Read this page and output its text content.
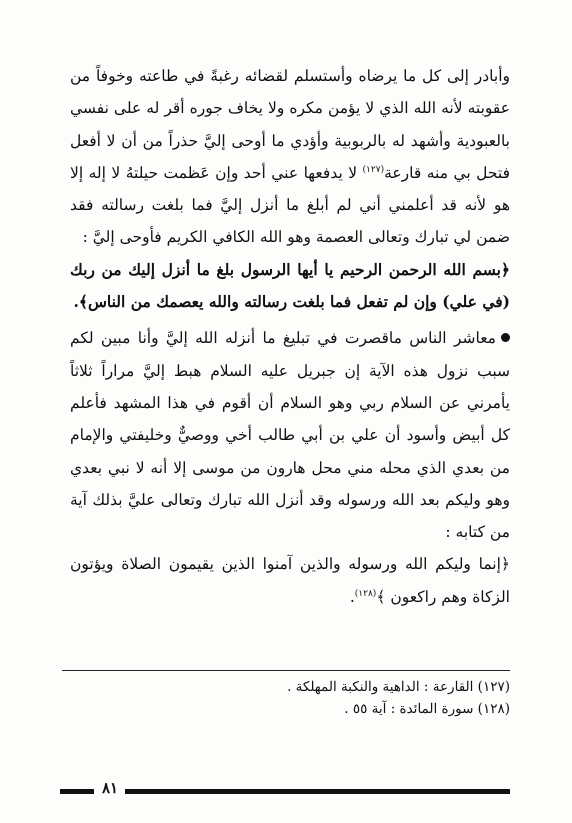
وأبادر إلى كل ما يرضاه وأستسلم لقضائه رغبةً في طاعته وخوفاً من عقوبته لأنه الله الذي لا يؤمن مكره ولا يخاف جوره أقر له على نفسي بالعبودية وأشهد له بالربوبية وأؤدي ما أوحى إليَّ حذراً من أن لا أفعل فتحل بي منه قارعة$^{(١٢٧)}$ لا يدفعها عني أحد وإن عَظمت حيلتهُ لا إله إلا هو لأنه قد أعلمني أني لم أبلغ ما أنزل إليَّ فما بلغت رسالته فقد ضمن لي تبارك وتعالى العصمة وهو الله الكافي الكريم فأوحى إليَّ :

﴿بسم الله الرحمن الرحيم يا أيها الرسول بلغ ما أنزل إليك من ربك (في علي) وإن لم تفعل فما بلغت رسالته والله يعصمك من الناس﴾.

معاشر الناس ماقصرت في تبليغ ما أنزله الله إليَّ وأنا مبين لكم سبب نزول هذه الآية إن جبريل عليه السلام هبط إليَّ مراراً ثلاثاً يأمرني عن السلام ربي وهو السلام أن أقوم في هذا المشهد فأعلم كل أبيض وأسود أن علي بن أبي طالب أخي ووصيٌّ وخليفتي والإمام من بعدي الذي محله مني محل هارون من موسى إلا أنه لا نبي بعدي وهو وليكم بعد الله ورسوله وقد أنزل الله تبارك وتعالى عليَّ بذلك آية من كتابه :

﴿إنما وليكم الله ورسوله والذين آمنوا الذين يقيمون الصلاة ويؤتون الزكاة وهم راكعون ﴾$^{(١٢٨)}$.

(١٢٧) القارعة : الداهية والنكبة المهلكة .

(١٢٨) سورة المائدة : آية ٥٥ .

٨١
